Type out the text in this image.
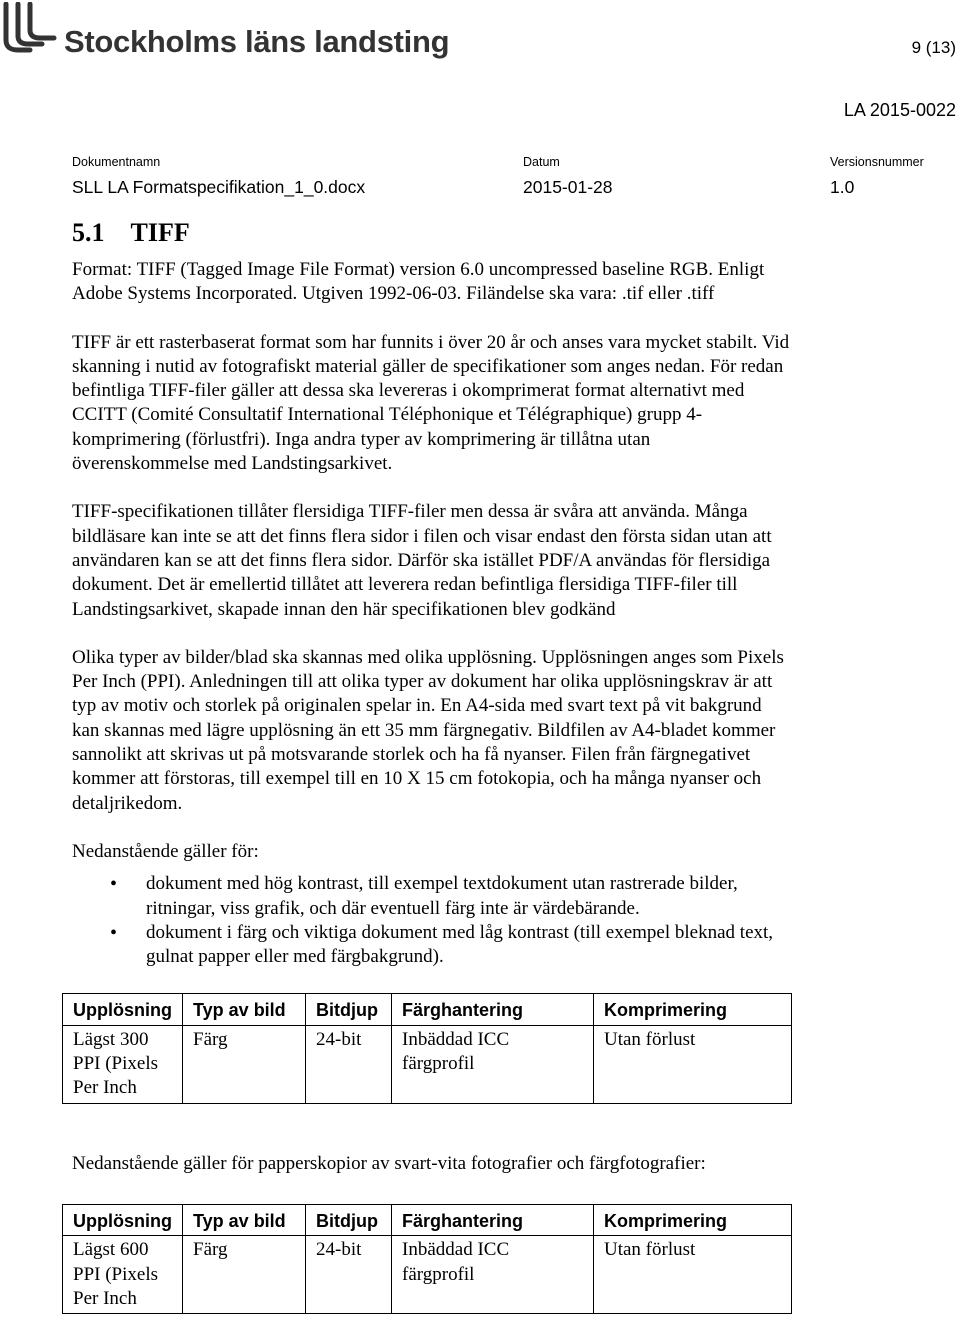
Stockholms läns landsting	9 (13)
LA 2015-0022
Dokumentnamn
SLL LA Formatspecifikation_1_0.docx
Datum
2015-01-28
Versionsnummer
1.0
5.1 TIFF

Format: TIFF (Tagged Image File Format) version 6.0 uncompressed baseline RGB. Enligt Adobe Systems Incorporated. Utgiven 1992-06-03. Filändelse ska vara: .tif eller .tiff

TIFF är ett rasterbaserat format som har funnits i över 20 år och anses vara mycket stabilt. Vid skanning i nutid av fotografiskt material gäller de specifikationer som anges nedan. För redan befintliga TIFF-filer gäller att dessa ska levereras i okomprimerat format alternativt med CCITT (Comité Consultatif International Téléphonique et Télégraphique) grupp 4-komprimering (förlustfri). Inga andra typer av komprimering är tillåtna utan överenskommelse med Landstingsarkivet.

TIFF-specifikationen tillåter flersidiga TIFF-filer men dessa är svåra att använda. Många bildläsare kan inte se att det finns flera sidor i filen och visar endast den första sidan utan att användaren kan se att det finns flera sidor. Därför ska istället PDF/A användas för flersidiga dokument. Det är emellertid tillåtet att leverera redan befintliga flersidiga TIFF-filer till Landstingsarkivet, skapade innan den här specifikationen blev godkänd

Olika typer av bilder/blad ska skannas med olika upplösning. Upplösningen anges som Pixels Per Inch (PPI). Anledningen till att olika typer av dokument har olika upplösningskrav är att typ av motiv och storlek på originalen spelar in. En A4-sida med svart text på vit bakgrund kan skannas med lägre upplösning än ett 35 mm färgnegativ. Bildfilen av A4-bladet kommer sannolikt att skrivas ut på motsvarande storlek och ha få nyanser. Filen från färgnegativet kommer att förstoras, till exempel till en 10 X 15 cm fotokopia, och ha många nyanser och detaljrikedom.

Nedanstående gäller för:

• dokument med hög kontrast, till exempel textdokument utan rastrerade bilder, ritningar, viss grafik, och där eventuell färg inte är värdebärande.
• dokument i färg och viktiga dokument med låg kontrast (till exempel bleknad text, gulnat papper eller med färgbakgrund).
Upplösning	Typ av bild	Bitdjup	Färghantering	Komprimering
Lägst 300 PPI (Pixels Per Inch	Färg	24-bit	Inbäddad ICC färgprofil	Utan förlust

Nedanstående gäller för papperskopior av svart-vita fotografier och färgfotografier:

Upplösning	Typ av bild	Bitdjup	Färghantering	Komprimering
Lägst 600 PPI (Pixels Per Inch	Färg	24-bit	Inbäddad ICC färgprofil	Utan förlust
